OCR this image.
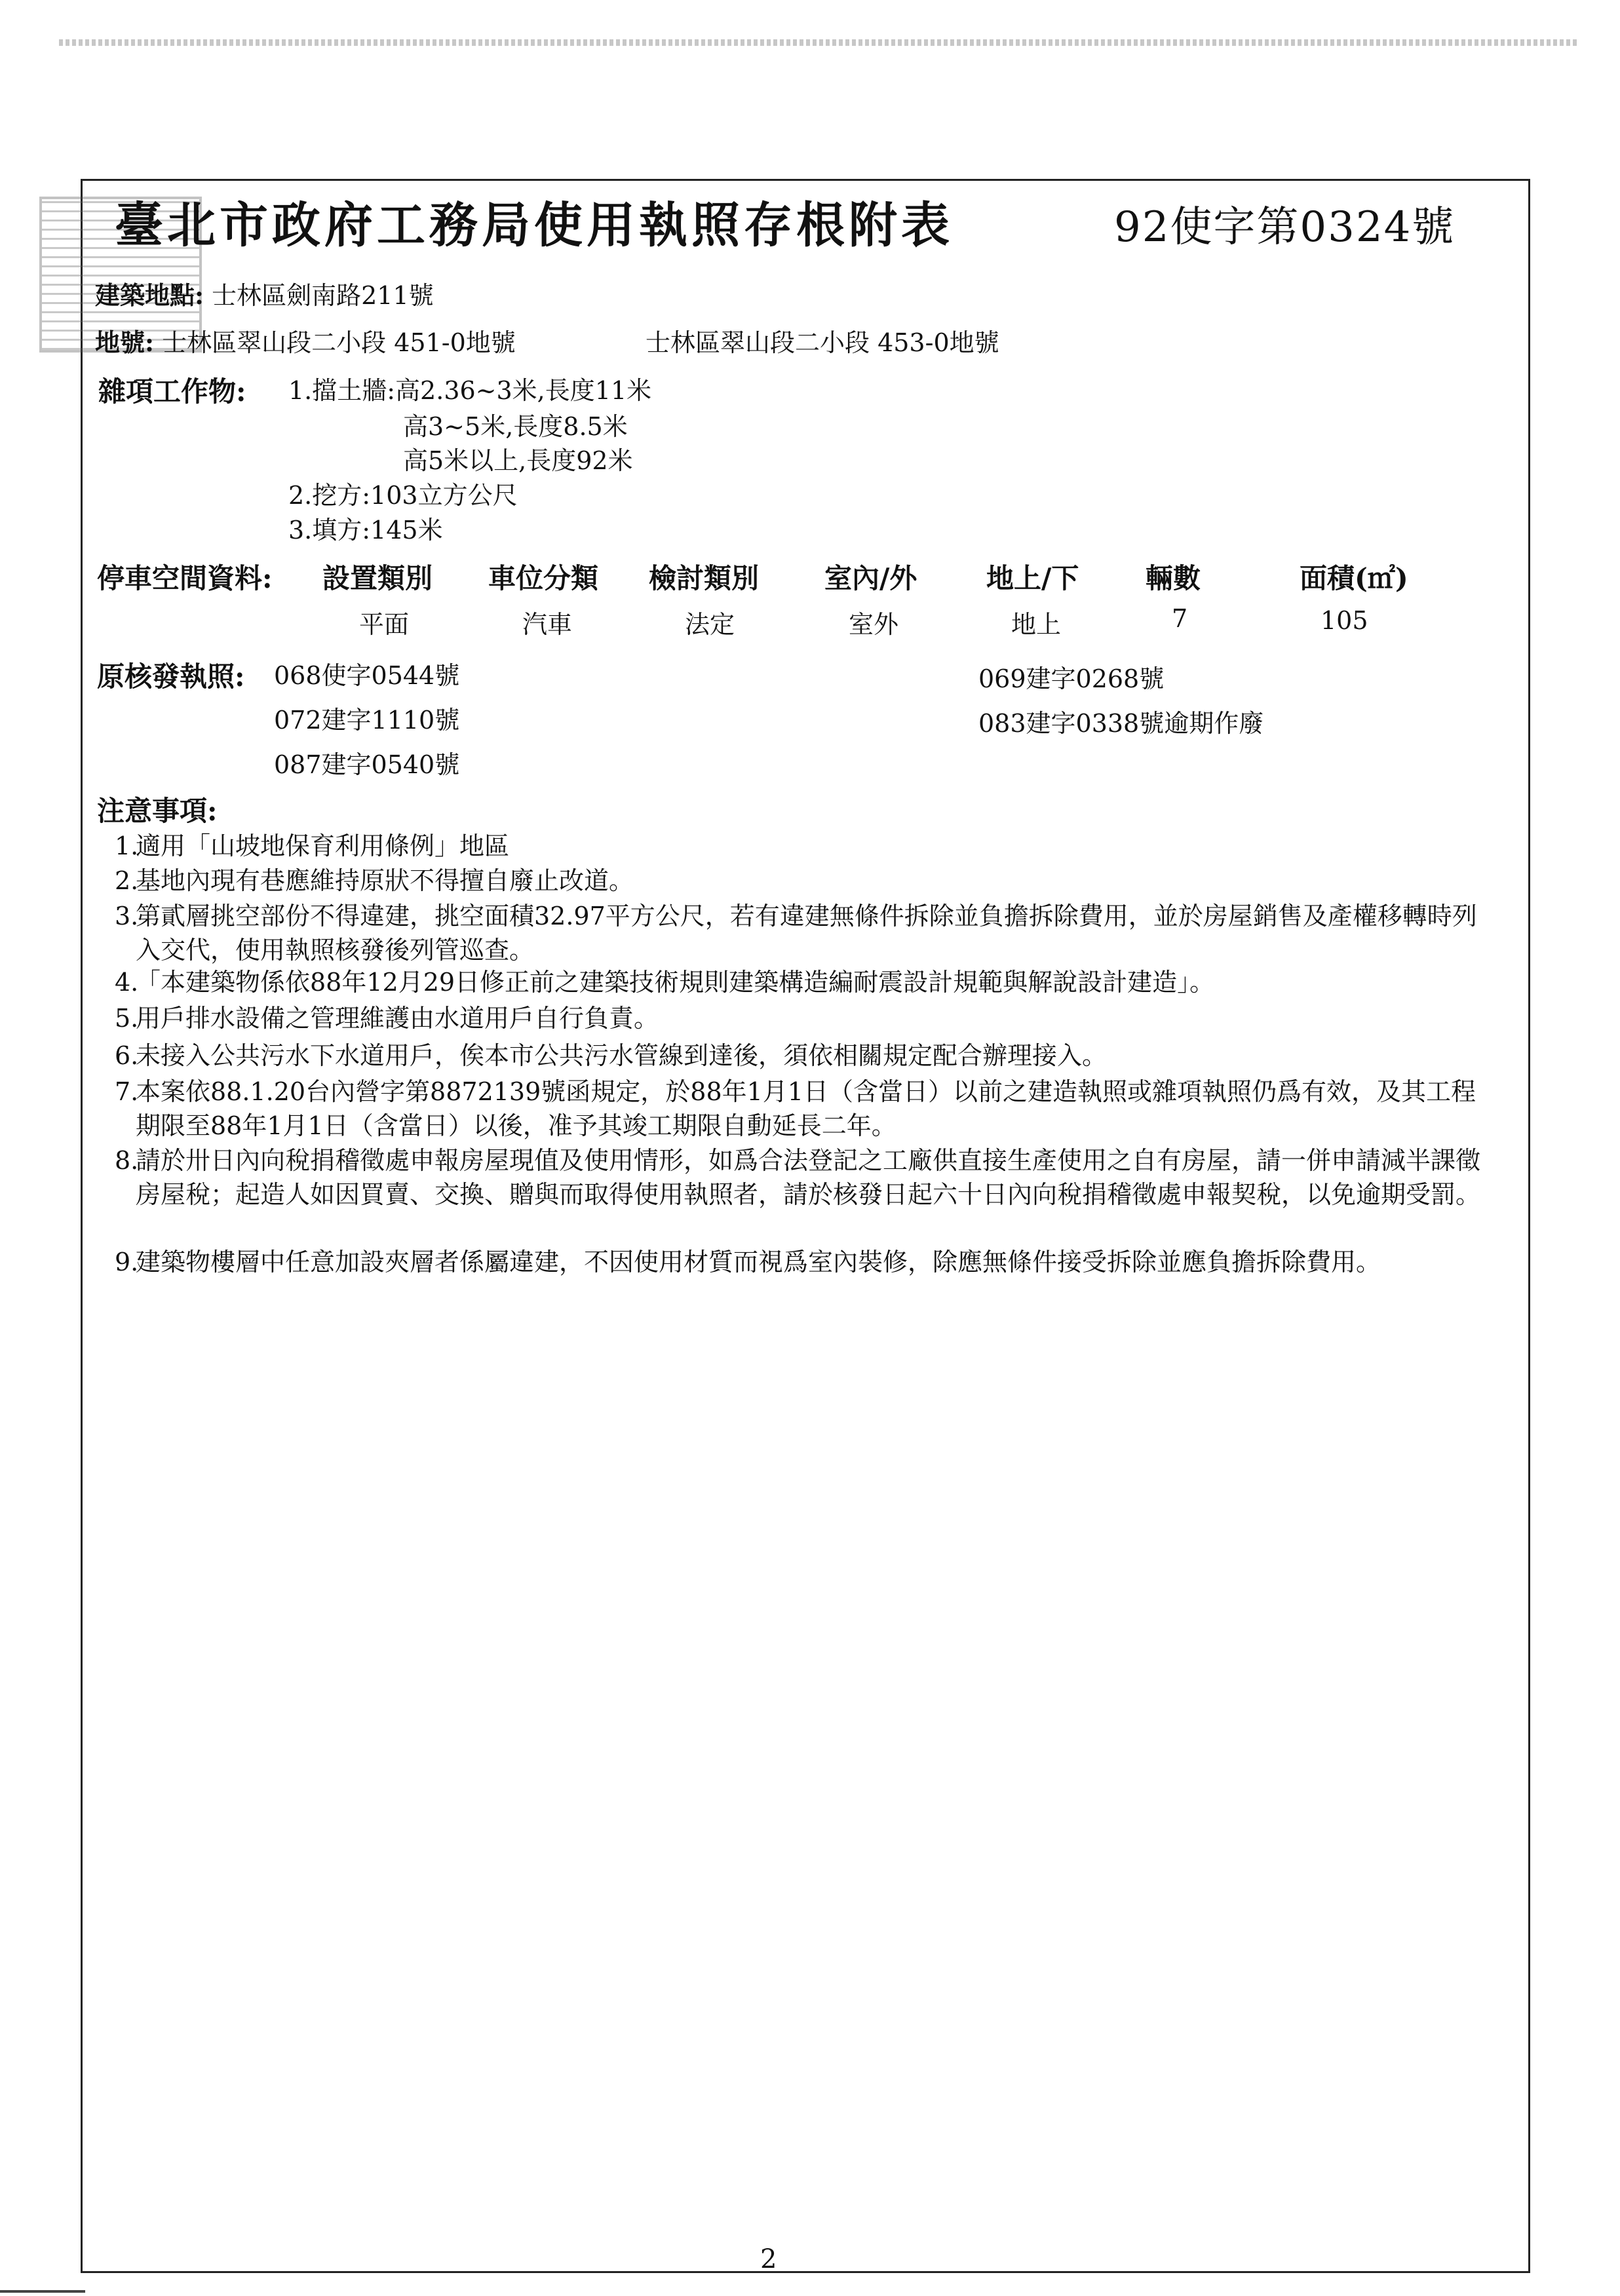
臺北市政府工務局使用執照存根附表	92使字第0324號
建築地點: 士林區劍南路211號
地號: 士林區翠山段二小段 451-0地號	士林區翠山段二小段 453-0地號
雜項工作物: 1.擋土牆:高2.36~3米,長度11米
高3~5米,長度8.5米
高5米以上,長度92米
2.挖方:103立方公尺
3.填方:145米
停車空間資料: 設置類別 車位分類 檢討類別 室內/外	地上/下 輛數	面積(㎡)
平面	汽車	法定	室外	地上	7	105
原核發執照: 068使字0544號
072建字1110號
087建字0540號
069建字0268號
083建字0338號逾期作廢
注意事項:
1.適用「山坡地保育利用條例」地區
2.基地內現有巷應維持原狀不得擅自廢止改道。
3.第貳層挑空部份不得違建，挑空面積32.97平方公尺，若有違建無條件拆除並負擔拆除費用，並於房屋銷售及產權移轉時列入交代，使用執照核發後列管巡查。
4.「本建築物係依88年12月29日修正前之建築技術規則建築構造編耐震設計規範與解說設計建造」。
5.用戶排水設備之管理維護由水道用戶自行負責。
6.未接入公共污水下水道用戶，俟本市公共污水管線到達後，須依相關規定配合辦理接入。
7.本案依88.1.20台內營字第8872139號函規定，於88年1月1日（含當日）以前之建造執照或雜項執照仍爲有效，及其工程期限至88年1月1日（含當日）以後，准予其竣工期限自動延長二年。
8.請於卅日內向稅捐稽徵處申報房屋現值及使用情形，如爲合法登記之工廠供直接生產使用之自有房屋，請一併申請減半課徵房屋稅；起造人如因買賣、交換、贈與而取得使用執照者，請於核發日起六十日內向稅捐稽徵處申報契稅，以免逾期受罰。
9.建築物樓層中任意加設夾層者係屬違建，不因使用材質而視爲室內裝修，除應無條件接受拆除並應負擔拆除費用。
2
